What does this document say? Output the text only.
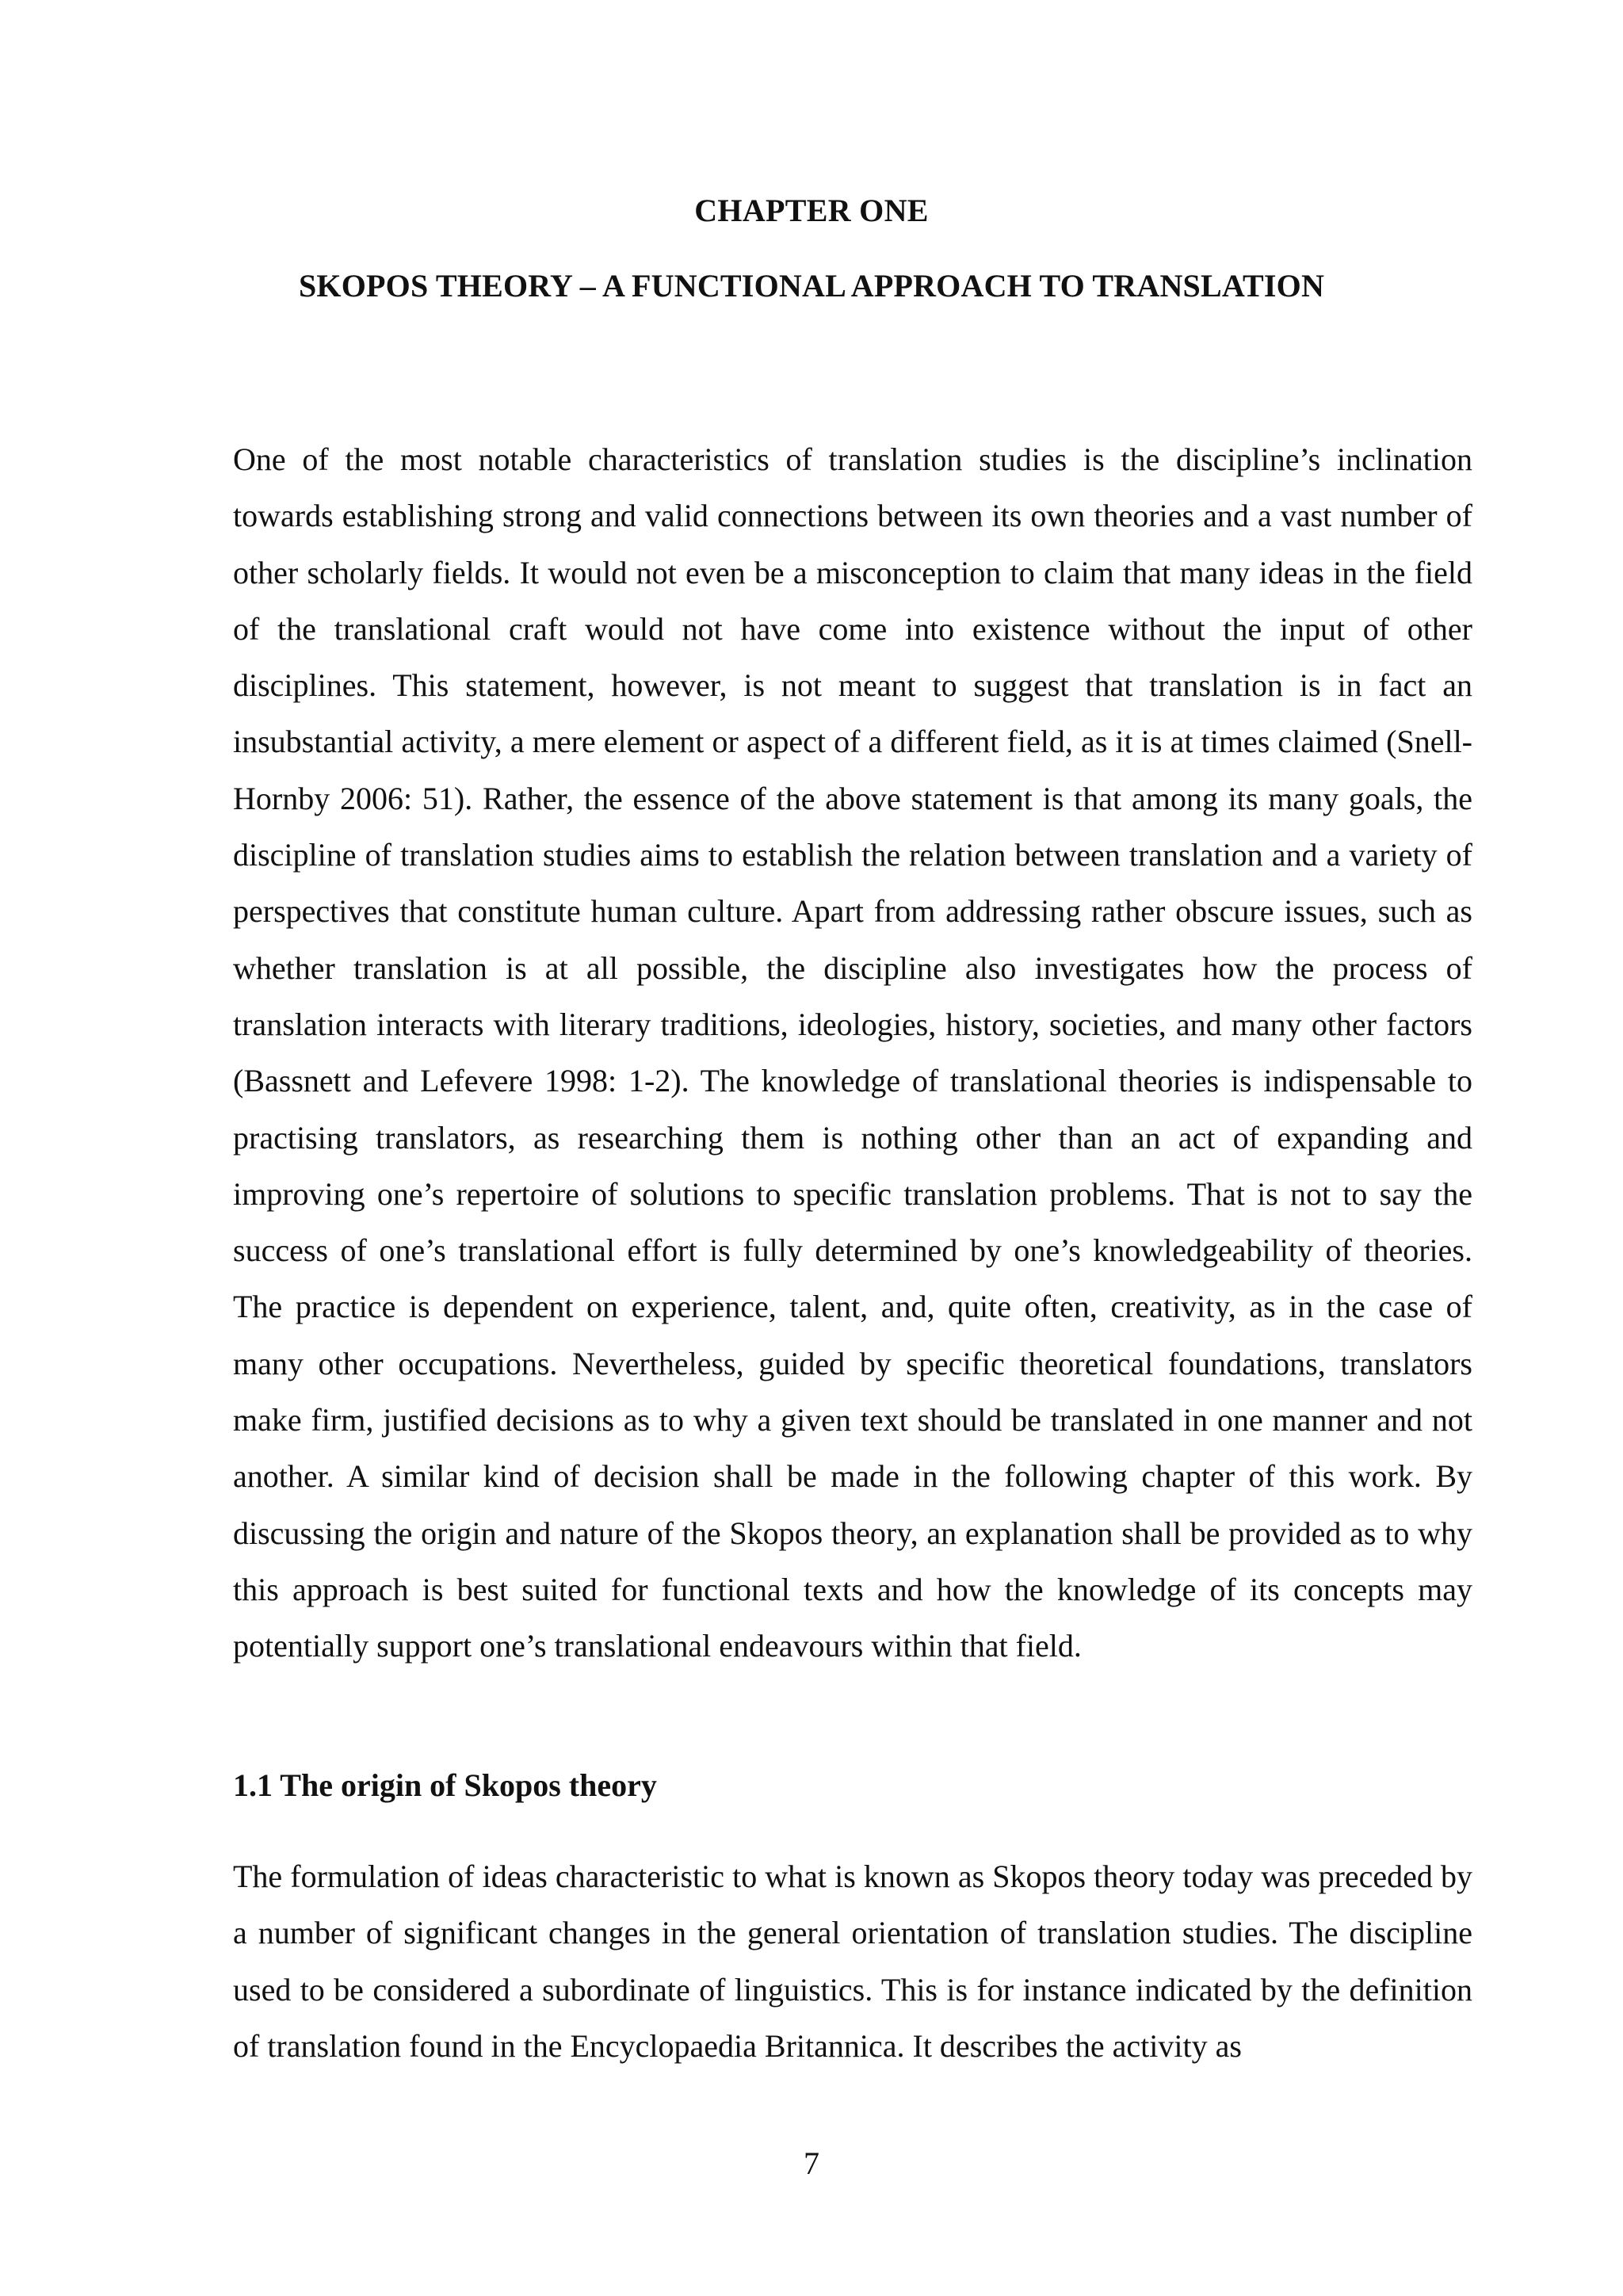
CHAPTER ONE
SKOPOS THEORY – A FUNCTIONAL APPROACH TO TRANSLATION

One of the most notable characteristics of translation studies is the discipline’s inclination towards establishing strong and valid connections between its own theories and a vast number of other scholarly fields. It would not even be a misconception to claim that many ideas in the field of the translational craft would not have come into existence without the input of other disciplines. This statement, however, is not meant to suggest that translation is in fact an insubstantial activity, a mere element or aspect of a different field, as it is at times claimed (Snell-Hornby 2006: 51). Rather, the essence of the above statement is that among its many goals, the discipline of translation studies aims to establish the relation between translation and a variety of perspectives that constitute human culture. Apart from addressing rather obscure issues, such as whether translation is at all possible, the discipline also investigates how the process of translation interacts with literary traditions, ideologies, history, societies, and many other factors (Bassnett and Lefevere 1998: 1-2). The knowledge of translational theories is indispensable to practising translators, as researching them is nothing other than an act of expanding and improving one’s repertoire of solutions to specific translation problems. That is not to say the success of one’s translational effort is fully determined by one’s knowledgeability of theories. The practice is dependent on experience, talent, and, quite often, creativity, as in the case of many other occupations. Nevertheless, guided by specific theoretical foundations, translators make firm, justified decisions as to why a given text should be translated in one manner and not another. A similar kind of decision shall be made in the following chapter of this work. By discussing the origin and nature of the Skopos theory, an explanation shall be provided as to why this approach is best suited for functional texts and how the knowledge of its concepts may potentially support one’s translational endeavours within that field.

1.1 The origin of Skopos theory

The formulation of ideas characteristic to what is known as Skopos theory today was preceded by a number of significant changes in the general orientation of translation studies. The discipline used to be considered a subordinate of linguistics. This is for instance indicated by the definition of translation found in the Encyclopaedia Britannica. It describes the activity as

7
